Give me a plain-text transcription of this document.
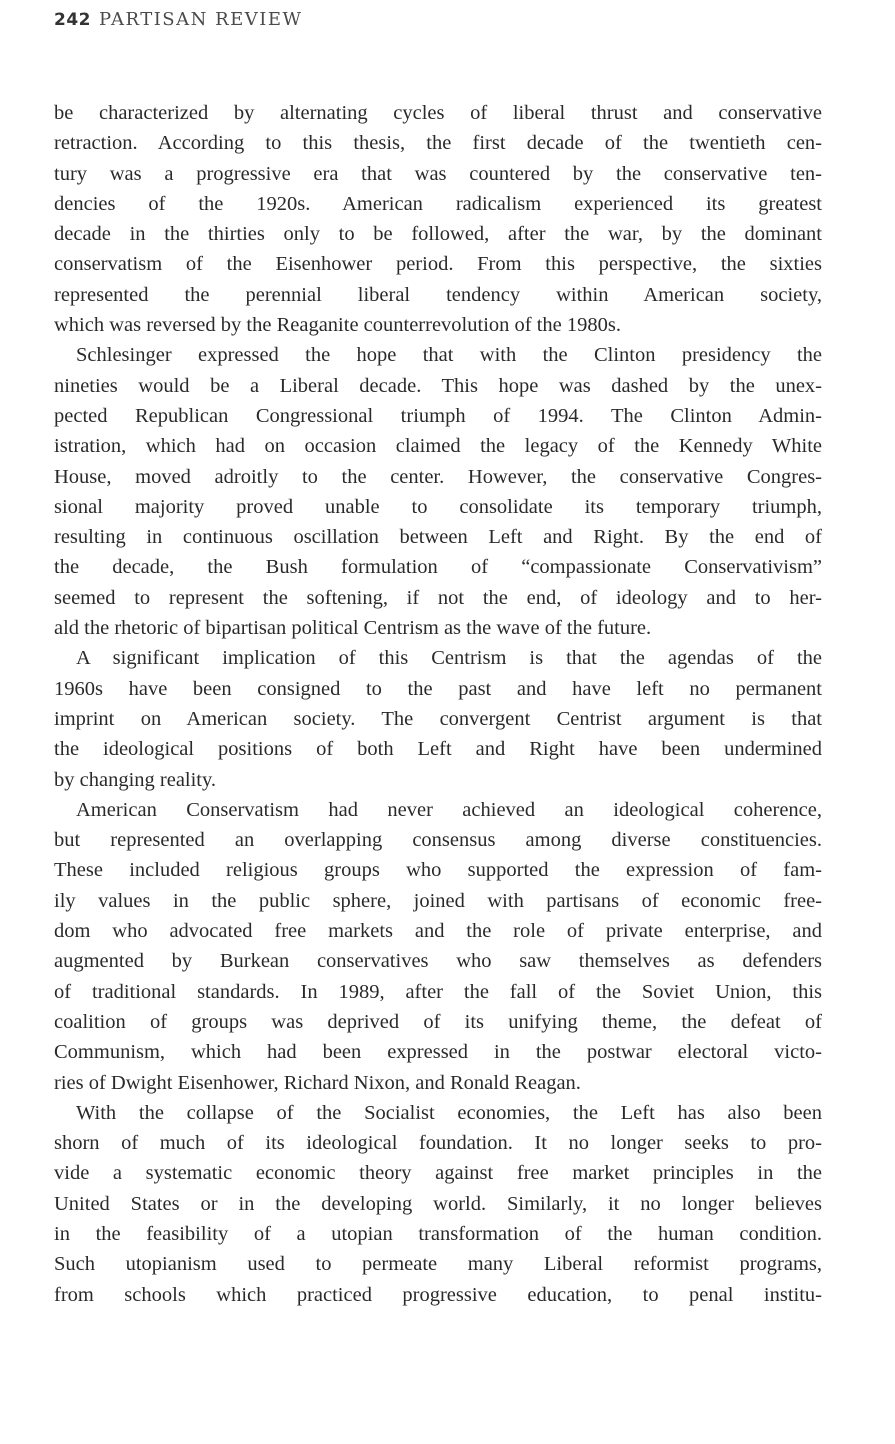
242 PARTISAN REVIEW
be characterized by alternating cycles of liberal thrust and conservative
retraction. According to this thesis, the first decade of the twentieth cen-
tury was a progressive era that was countered by the conservative ten-
dencies of the 1920s. American radicalism experienced its greatest
decade in the thirties only to be followed, after the war, by the dominant
conservatism of the Eisenhower period. From this perspective, the sixties
represented the perennial liberal tendency within American society,
which was reversed by the Reaganite counterrevolution of the 1980s.
Schlesinger expressed the hope that with the Clinton presidency the
nineties would be a Liberal decade. This hope was dashed by the unex-
pected Republican Congressional triumph of 1994. The Clinton Admin-
istration, which had on occasion claimed the legacy of the Kennedy White
House, moved adroitly to the center. However, the conservative Congres-
sional majority proved unable to consolidate its temporary triumph,
resulting in continuous oscillation between Left and Right. By the end of
the decade, the Bush formulation of “compassionate Conservativism”
seemed to represent the softening, if not the end, of ideology and to her-
ald the rhetoric of bipartisan political Centrism as the wave of the future.
A significant implication of this Centrism is that the agendas of the
1960s have been consigned to the past and have left no permanent
imprint on American society. The convergent Centrist argument is that
the ideological positions of both Left and Right have been undermined
by changing reality.
American Conservatism had never achieved an ideological coherence,
but represented an overlapping consensus among diverse constituencies.
These included religious groups who supported the expression of fam-
ily values in the public sphere, joined with partisans of economic free-
dom who advocated free markets and the role of private enterprise, and
augmented by Burkean conservatives who saw themselves as defenders
of traditional standards. In 1989, after the fall of the Soviet Union, this
coalition of groups was deprived of its unifying theme, the defeat of
Communism, which had been expressed in the postwar electoral victo-
ries of Dwight Eisenhower, Richard Nixon, and Ronald Reagan.
With the collapse of the Socialist economies, the Left has also been
shorn of much of its ideological foundation. It no longer seeks to pro-
vide a systematic economic theory against free market principles in the
United States or in the developing world. Similarly, it no longer believes
in the feasibility of a utopian transformation of the human condition.
Such utopianism used to permeate many Liberal reformist programs,
from schools which practiced progressive education, to penal institu-
